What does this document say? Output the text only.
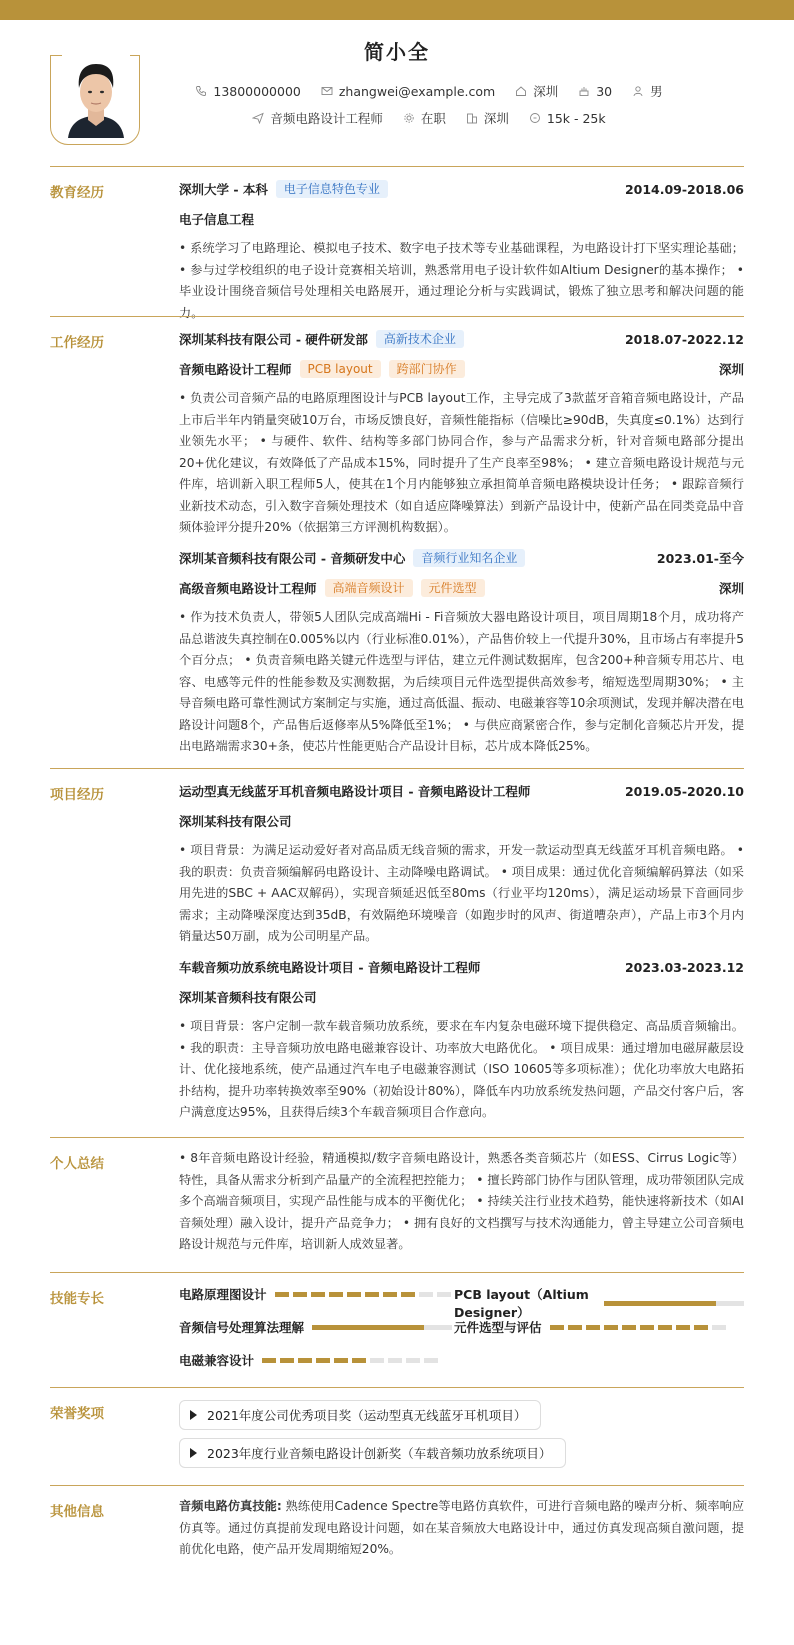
简小全
13800000000	zhangwei@example.com	深圳	30	男
音频电路设计工程师	在职	深圳	15k - 25k
教育经历	深圳大学 - 本科	电子信息特色专业	2014.09-2018.06
电子信息工程
• 系统学习了电路理论、模拟电子技术、数字电子技术等专业基础课程，为电路设计打下坚实理论基础； • 参与过学校组织的电子设计竞赛相关培训，熟悉常用电子设计软件如Altium Designer的基本操作； • 毕业设计围绕音频信号处理相关电路展开，通过理论分析与实践调试，锻炼了独立思考和解决问题的能力。
工作经历	深圳某科技有限公司 - 硬件研发部	高新技术企业	2018.07-2022.12
音频电路设计工程师	PCB layout	跨部门协作	深圳
• 负责公司音频产品的电路原理图设计与PCB layout工作，主导完成了3款蓝牙音箱音频电路设计，产品上市后半年内销量突破10万台，市场反馈良好，音频性能指标（信噪比≥90dB，失真度≤0.1%）达到行业领先水平； • 与硬件、软件、结构等多部门协同合作，参与产品需求分析，针对音频电路部分提出20+优化建议，有效降低了产品成本15%，同时提升了生产良率至98%； • 建立音频电路设计规范与元件库，培训新入职工程师5人，使其在1个月内能够独立承担简单音频电路模块设计任务； • 跟踪音频行业新技术动态，引入数字音频处理技术（如自适应降噪算法）到新产品设计中，使新产品在同类竞品中音频体验评分提升20%（依据第三方评测机构数据）。
深圳某音频科技有限公司 - 音频研发中心	音频行业知名企业	2023.01-至今
高级音频电路设计工程师	高端音频设计	元件选型	深圳
• 作为技术负责人，带领5人团队完成高端Hi - Fi音频放大器电路设计项目，项目周期18个月，成功将产品总谐波失真控制在0.005%以内（行业标准0.01%），产品售价较上一代提升30%，且市场占有率提升5个百分点； • 负责音频电路关键元件选型与评估，建立元件测试数据库，包含200+种音频专用芯片、电容、电感等元件的性能参数及实测数据，为后续项目元件选型提供高效参考，缩短选型周期30%； • 主导音频电路可靠性测试方案制定与实施，通过高低温、振动、电磁兼容等10余项测试，发现并解决潜在电路设计问题8个，产品售后返修率从5%降低至1%； • 与供应商紧密合作，参与定制化音频芯片开发，提出电路端需求30+条，使芯片性能更贴合产品设计目标，芯片成本降低25%。
项目经历	运动型真无线蓝牙耳机音频电路设计项目 - 音频电路设计工程师	2019.05-2020.10
深圳某科技有限公司
• 项目背景：为满足运动爱好者对高品质无线音频的需求，开发一款运动型真无线蓝牙耳机音频电路。 • 我的职责：负责音频编解码电路设计、主动降噪电路调试。 • 项目成果：通过优化音频编解码算法（如采用先进的SBC + AAC双解码），实现音频延迟低至80ms（行业平均120ms），满足运动场景下音画同步需求；主动降噪深度达到35dB，有效隔绝环境噪音（如跑步时的风声、街道嘈杂声），产品上市3个月内销量达50万副，成为公司明星产品。
车载音频功放系统电路设计项目 - 音频电路设计工程师	2023.03-2023.12
深圳某音频科技有限公司
• 项目背景：客户定制一款车载音频功放系统，要求在车内复杂电磁环境下提供稳定、高品质音频输出。 • 我的职责：主导音频功放电路电磁兼容设计、功率放大电路优化。 • 项目成果：通过增加电磁屏蔽层设计、优化接地系统，使产品通过汽车电子电磁兼容测试（ISO 10605等多项标准）；优化功率放大电路拓扑结构，提升功率转换效率至90%（初始设计80%），降低车内功放系统发热问题，产品交付客户后，客户满意度达95%，且获得后续3个车载音频项目合作意向。
个人总结	• 8年音频电路设计经验，精通模拟/数字音频电路设计，熟悉各类音频芯片（如ESS、Cirrus Logic等）特性，具备从需求分析到产品量产的全流程把控能力； • 擅长跨部门协作与团队管理，成功带领团队完成多个高端音频项目，实现产品性能与成本的平衡优化； • 持续关注行业技术趋势，能快速将新技术（如AI音频处理）融入设计，提升产品竞争力； • 拥有良好的文档撰写与技术沟通能力，曾主导建立公司音频电路设计规范与元件库，培训新人成效显著。
技能专长	电路原理图设计	PCB layout（Altium Designer）
音频信号处理算法理解	元件选型与评估
电磁兼容设计
荣誉奖项	2021年度公司优秀项目奖（运动型真无线蓝牙耳机项目）
2023年度行业音频电路设计创新奖（车载音频功放系统项目）
其他信息	音频电路仿真技能: 熟练使用Cadence Spectre等电路仿真软件，可进行音频电路的噪声分析、频率响应仿真等。通过仿真提前发现电路设计问题，如在某音频放大电路设计中，通过仿真发现高频自激问题，提前优化电路，使产品开发周期缩短20%。
